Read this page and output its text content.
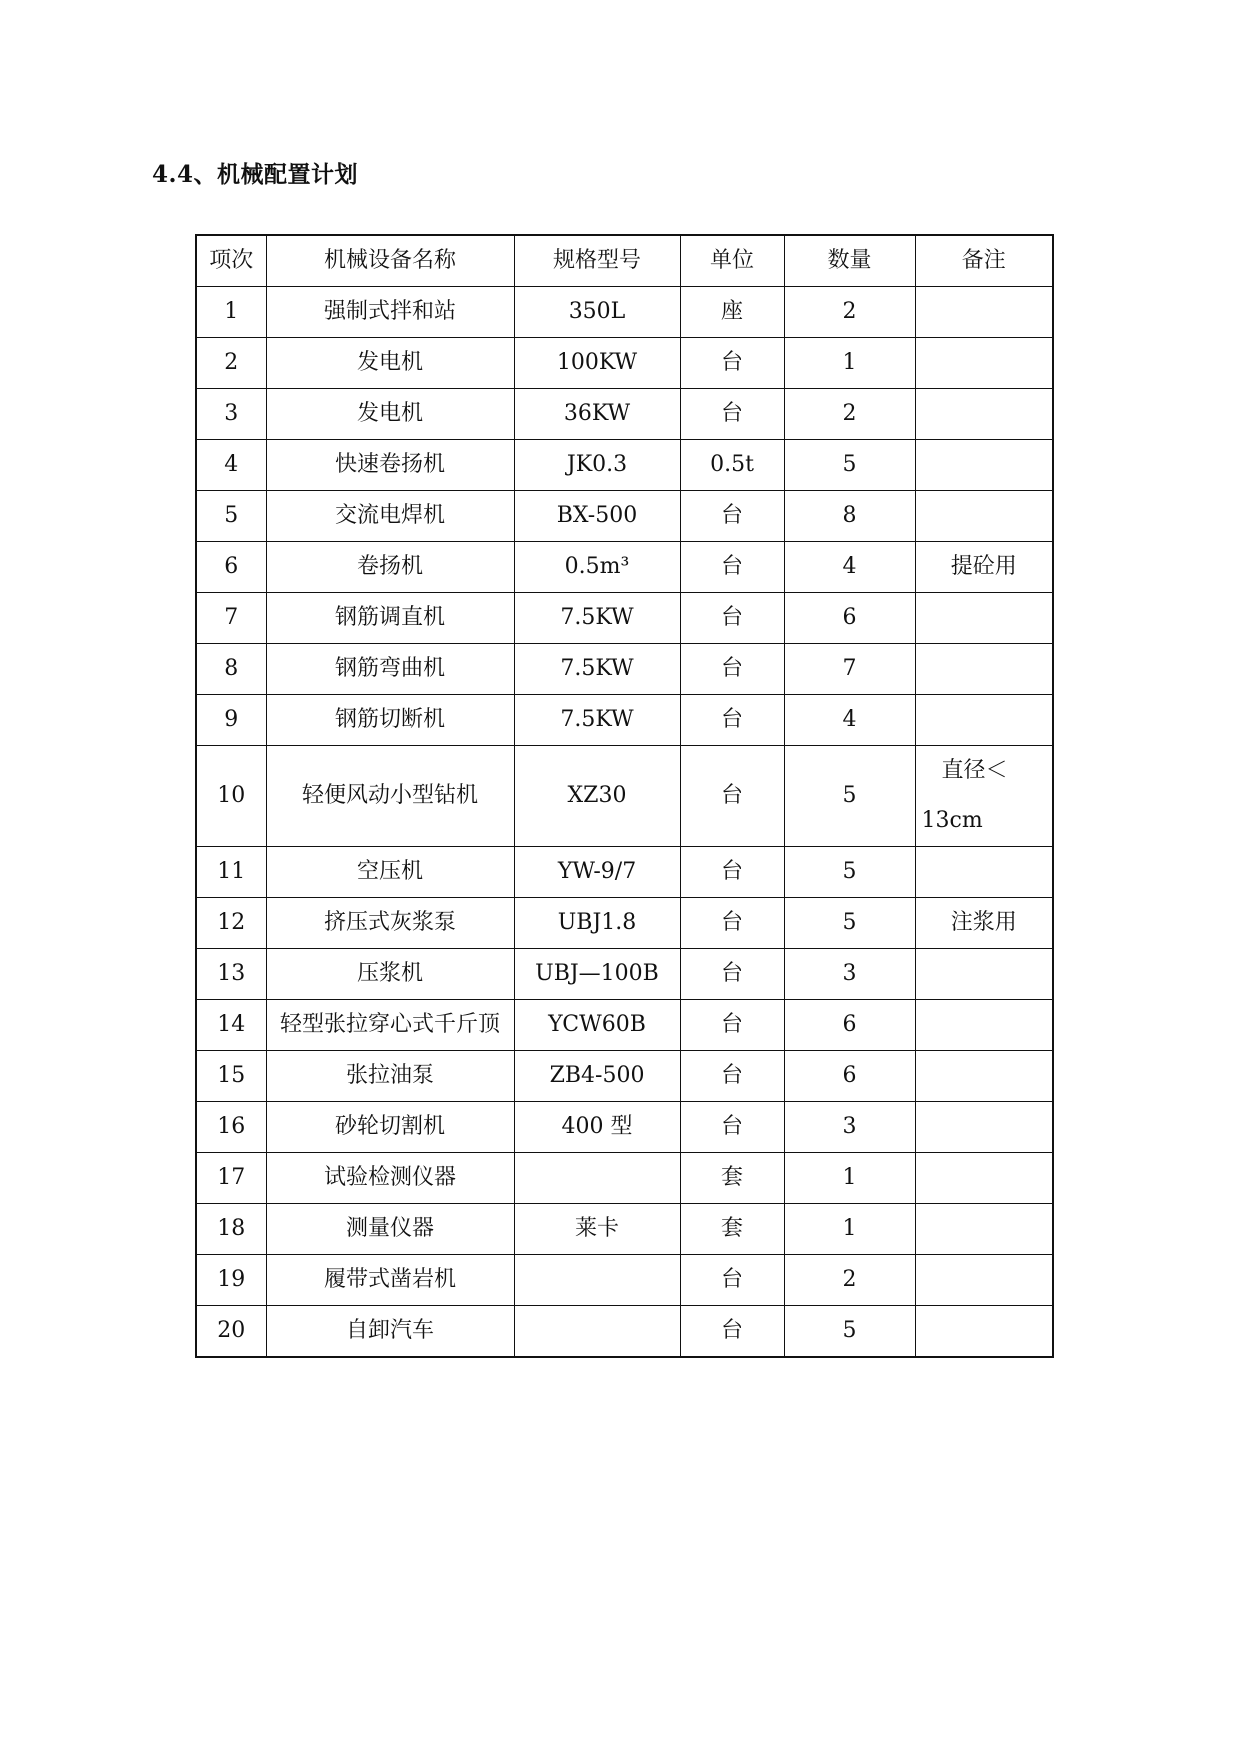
4.4、机械配置计划
项次	机械设备名称	规格型号	单位	数量	备注
1	强制式拌和站	350L	座	2	
2	发电机	100KW	台	1	
3	发电机	36KW	台	2	
4	快速卷扬机	JK0.3	0.5t	5	
5	交流电焊机	BX-500	台	8	
6	卷扬机	0.5m³	台	4	提砼用
7	钢筋调直机	7.5KW	台	6	
8	钢筋弯曲机	7.5KW	台	7	
9	钢筋切断机	7.5KW	台	4	
10	轻便风动小型钻机	XZ30	台	5	直径＜
13cm

11	空压机	YW-9/7	台	5	
12	挤压式灰浆泵	UBJ1.8	台	5	注浆用
13	压浆机	UBJ—100B	台	3	
14	轻型张拉穿心式千斤顶	YCW60B	台	6	
15	张拉油泵	ZB4-500	台	6	
16	砂轮切割机	400 型	台	3	
17	试验检测仪器		套	1	
18	测量仪器	莱卡	套	1	
19	履带式凿岩机		台	2	
20	自卸汽车		台	5	
